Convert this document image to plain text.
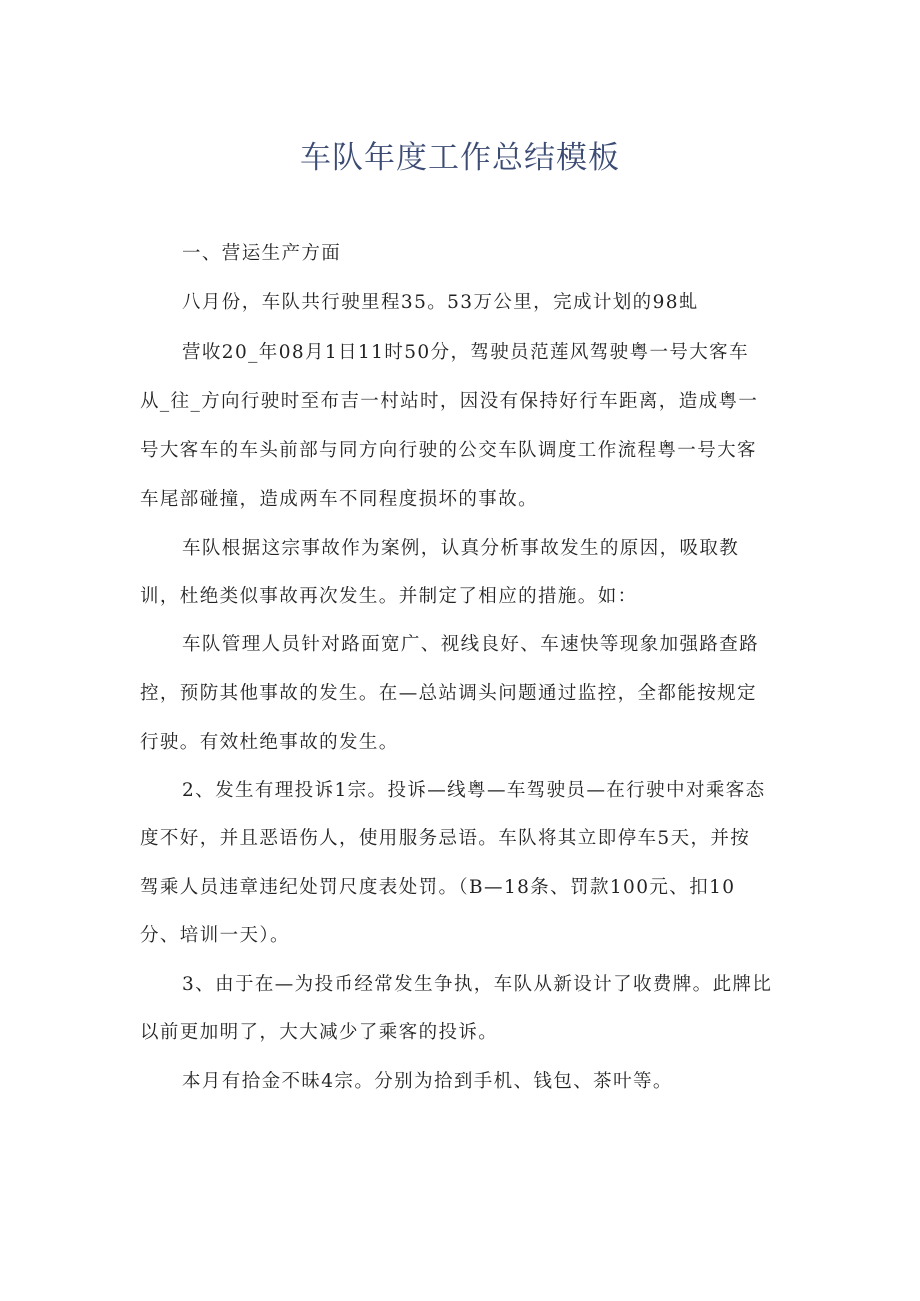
车队年度工作总结模板
一、营运生产方面
八月份，车队共行驶里程35。53万公里，完成计划的98虬
营收20_年08月1日11时50分，驾驶员范莲风驾驶粤一号大客车
从_往_方向行驶时至布吉一村站时，因没有保持好行车距离，造成粤一
号大客车的车头前部与同方向行驶的公交车队调度工作流程粤一号大客
车尾部碰撞，造成两车不同程度损坏的事故。
车队根据这宗事故作为案例，认真分析事故发生的原因，吸取教
训，杜绝类似事故再次发生。并制定了相应的措施。如：
车队管理人员针对路面宽广、视线良好、车速快等现象加强路查路
控，预防其他事故的发生。在—总站调头问题通过监控，全都能按规定
行驶。有效杜绝事故的发生。
2、发生有理投诉1宗。投诉—线粤—车驾驶员—在行驶中对乘客态
度不好，并且恶语伤人，使用服务忌语。车队将其立即停车5天，并按
驾乘人员违章违纪处罚尺度表处罚。（B—18条、罚款100元、扣10
分、培训一天）。
3、由于在—为投币经常发生争执，车队从新设计了收费牌。此牌比
以前更加明了，大大减少了乘客的投诉。
本月有拾金不昧4宗。分别为拾到手机、钱包、茶叶等。
